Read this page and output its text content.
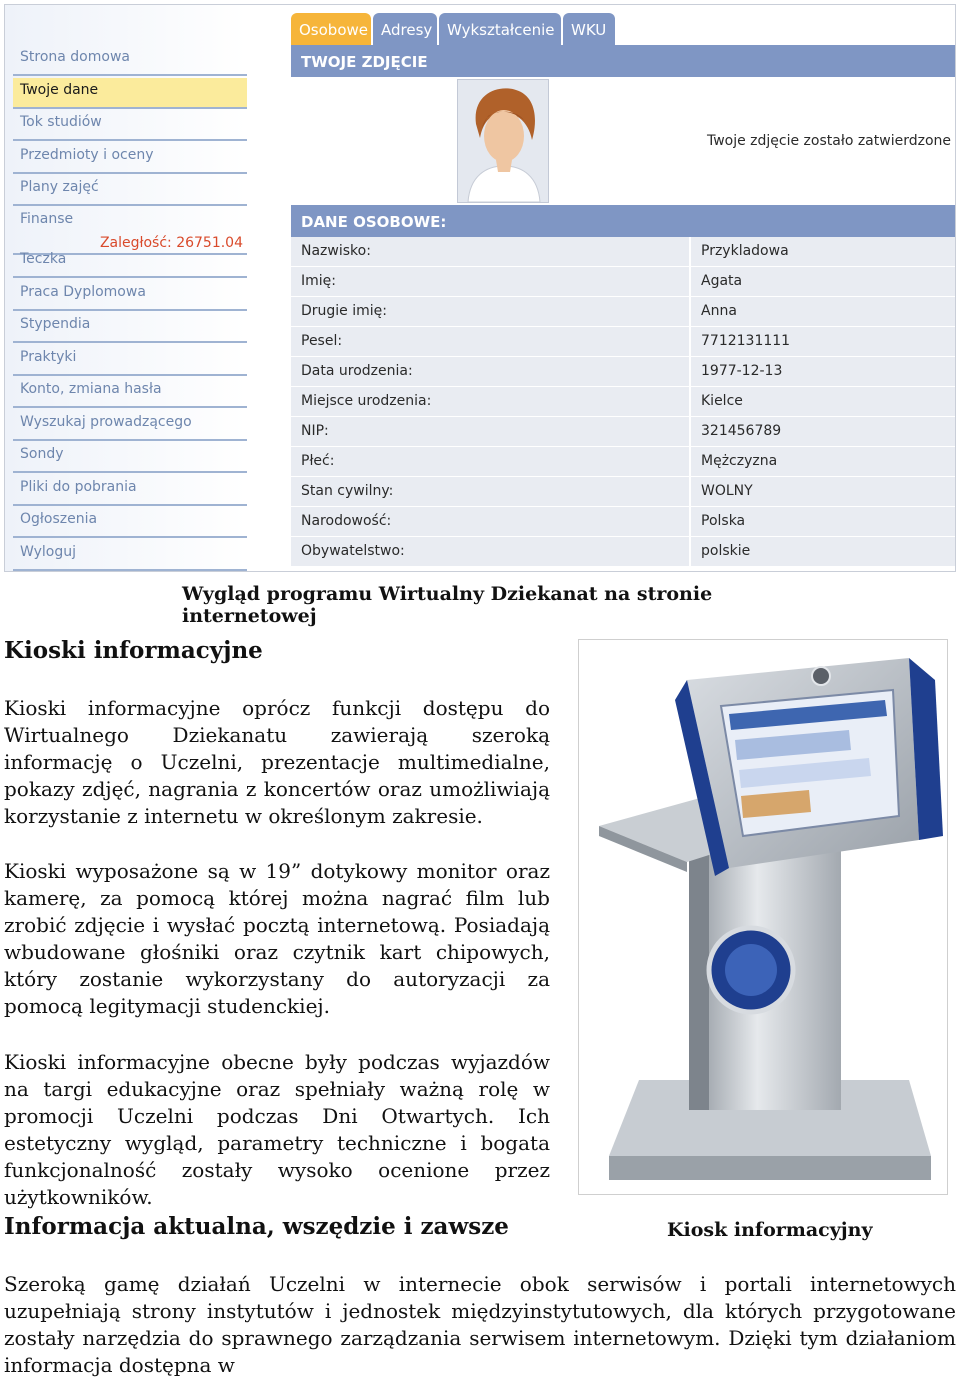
Strona domowa
Twoje dane
Tok studiów
Przedmioty i oceny
Plany zajęć
Finanse
Zaległość: 26751.04
Teczka
Praca Dyplomowa
Stypendia
Praktyki
Konto, zmiana hasła
Wyszukaj prowadzącego
Sondy
Pliki do pobrania
Ogłoszenia
Wyloguj
Osobowe Adresy Wykształcenie	WKU
TWOJE ZDJĘCIE
Twoje zdjęcie zostało zatwierdzone
DANE OSOBOWE:
Nazwisko:	Przykladowa
Imię:	Agata
Drugie imię:	Anna
Pesel:	7712131111
Data urodzenia:	1977-12-13
Miejsce urodzenia:	Kielce
NIP:	321456789
Płeć:	Mężczyzna
Stan cywilny:	WOLNY
Narodowość:	Polska
Obywatelstwo:	polskie
Wygląd programu Wirtualny Dziekanat na stronie internetowej
Kioski informacyjne
Kioski informacyjne oprócz funkcji dostępu do Wirtualnego Dziekanatu zawierają szeroką informację o Uczelni, prezentacje multimedialne, pokazy zdjęć, nagrania z koncertów oraz umożliwiają korzystanie z internetu w określonym zakresie.
Kioski wyposażone są w 19” dotykowy monitor oraz kamerę, za pomocą której można nagrać film lub zrobić zdjęcie i wysłać pocztą internetową. Posiadają wbudowane głośniki oraz czytnik kart chipowych, który zostanie wykorzystany do autoryzacji za pomocą legitymacji studenckiej.
Kioski informacyjne obecne były podczas wyjazdów na targi edukacyjne oraz spełniały ważną rolę w promocji Uczelni podczas Dni Otwartych. Ich estetyczny wygląd, parametry techniczne i bogata funkcjonalność zostały wysoko ocenione przez użytkowników.
Kiosk informacyjny
Informacja aktualna, wszędzie i zawsze
Szeroką gamę działań Uczelni w internecie obok serwisów i portali internetowych uzupełniają strony instytutów i jednostek międzyinstytutowych, dla których przygotowane zostały narzędzia do sprawnego zarządzania serwisem internetowym. Dzięki tym działaniom informacja dostępna w
